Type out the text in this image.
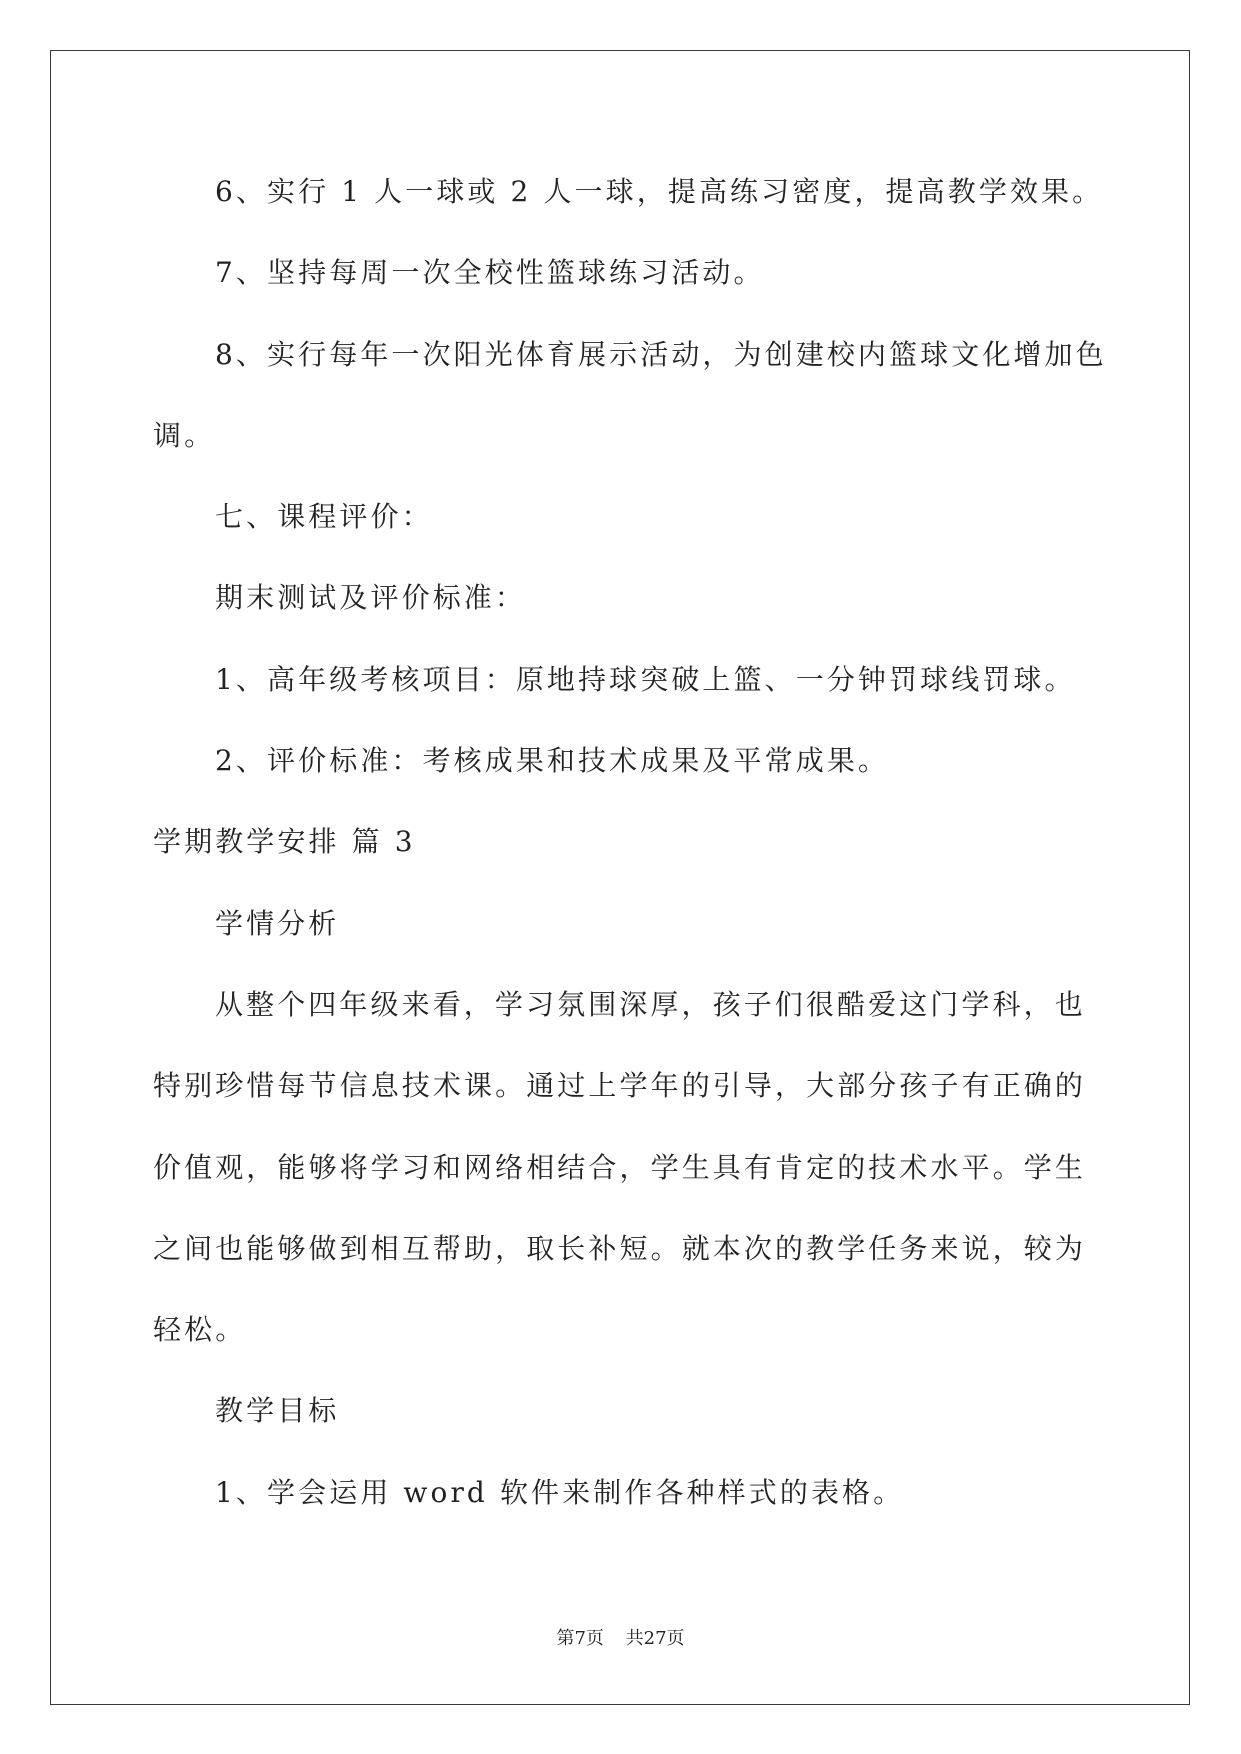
6、实行 1 人一球或 2 人一球，提高练习密度，提高教学效果。
7、坚持每周一次全校性篮球练习活动。
8、实行每年一次阳光体育展示活动，为创建校内篮球文化增加色
调。
七、课程评价：
期末测试及评价标准：
1、高年级考核项目：原地持球突破上篮、一分钟罚球线罚球。
2、评价标准：考核成果和技术成果及平常成果。
学期教学安排 篇 3
学情分析
从整个四年级来看，学习氛围深厚，孩子们很酷爱这门学科，也
特别珍惜每节信息技术课。通过上学年的引导，大部分孩子有正确的
价值观，能够将学习和网络相结合，学生具有肯定的技术水平。学生
之间也能够做到相互帮助，取长补短。就本次的教学任务来说，较为
轻松。
教学目标
1、学会运用 word 软件来制作各种样式的表格。
第7页 共27页
